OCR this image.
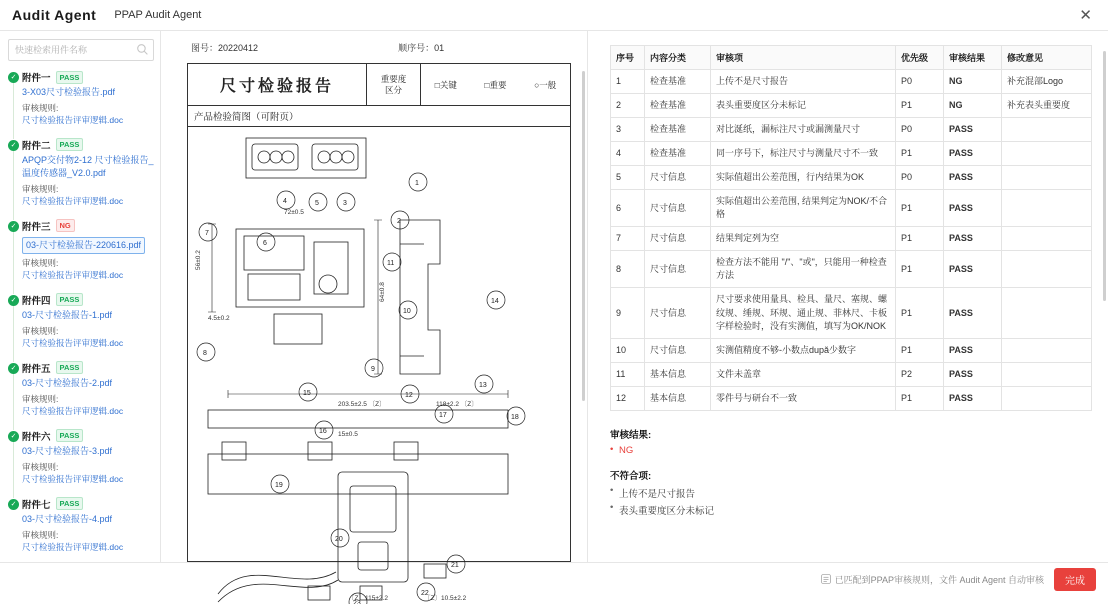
Audit Agent PPAP Audit Agent	✕
快速检索用件名称
✓ 附件一	PASS
3-X03尺寸检验报告.pdf
审核规则:
尺寸检验报告评审逻辑.doc
✓ 附件二	PASS
APQP交付物2-12 尺寸检验报告_温度传感器_V2.0.pdf
审核规则:
尺寸检验报告评审逻辑.doc
✓ 附件三	NG
03-尺寸检验报告-220616.pdf
审核规则:
尺寸检验报告评审逻辑.doc
✓ 附件四	PASS
03-尺寸检验报告-1.pdf
审核规则:
尺寸检验报告评审逻辑.doc
✓ 附件五	PASS
03-尺寸检验报告-2.pdf
审核规则:
尺寸检验报告评审逻辑.doc
✓ 附件六	PASS
03-尺寸检验报告-3.pdf
审核规则:
尺寸检验报告评审逻辑.doc
✓ 附件七	PASS
03-尺寸检验报告-4.pdf
审核规则:
尺寸检验报告评审逻辑.doc
图号：20220412	顺序号：01
尺寸检验报告	重要度
区分	□关键	□重要	○一般
产品检验简图（可附页）
56±0.2
72±0.5
64±0.8
4.5±0.2
203.5±2.5 〔Z〕	118±2.2 〔Z〕
15±0.5
〔Z〕115±2.2	〔Z〕10.5±2.2
1
2
3
4	5
6
7
8
9
10
11
12
13
14
15
16
17	18
19
20
21
22
23
序号	内容分类	审核项	优先级	审核结果	修改意见
1	检查基准	上传不是尺寸报告	P0	NG	补充混部Logo
2	检查基准	表头重要度区分未标记	P1	NG	补充表头重要度
3	检查基准	对比涎纸，漏标注尺寸或漏测量尺寸	P0	PASS	
4	检查基准	同一序号下，标注尺寸与测量尺寸不一致	P1	PASS	
5	尺寸信息	实际值超出公差范围，行内结果为OK	P0	PASS	
6	尺寸信息	实际值超出公差范围, 结果判定为NOK/不合格	P1	PASS	
7	尺寸信息	结果判定列为空	P1	PASS	
8	尺寸信息	检查方法不能用 "/"、"或"，只能用一种检查方法	P1	PASS	
9	尺寸信息	尺寸要求使用量具、检具、量尺、塞规、螺纹规、缍规、环规、通止规、菲林尺、卡板字样检验时，没有实测值，填写为OK/NOK	P1	PASS	
10	尺寸信息	实测值精度不够-小数点după少数字	P1	PASS	
11	基本信息	文件未盖章	P2	PASS	
12	基本信息	零件号与研台不一致	P1	PASS	
审核结果:
• NG
不符合项:
• 上传不是尺寸报告
• 表头重要度区分未标记
已匹配到PPAP审核规则，文件 Audit Agent 自动审核	完成
